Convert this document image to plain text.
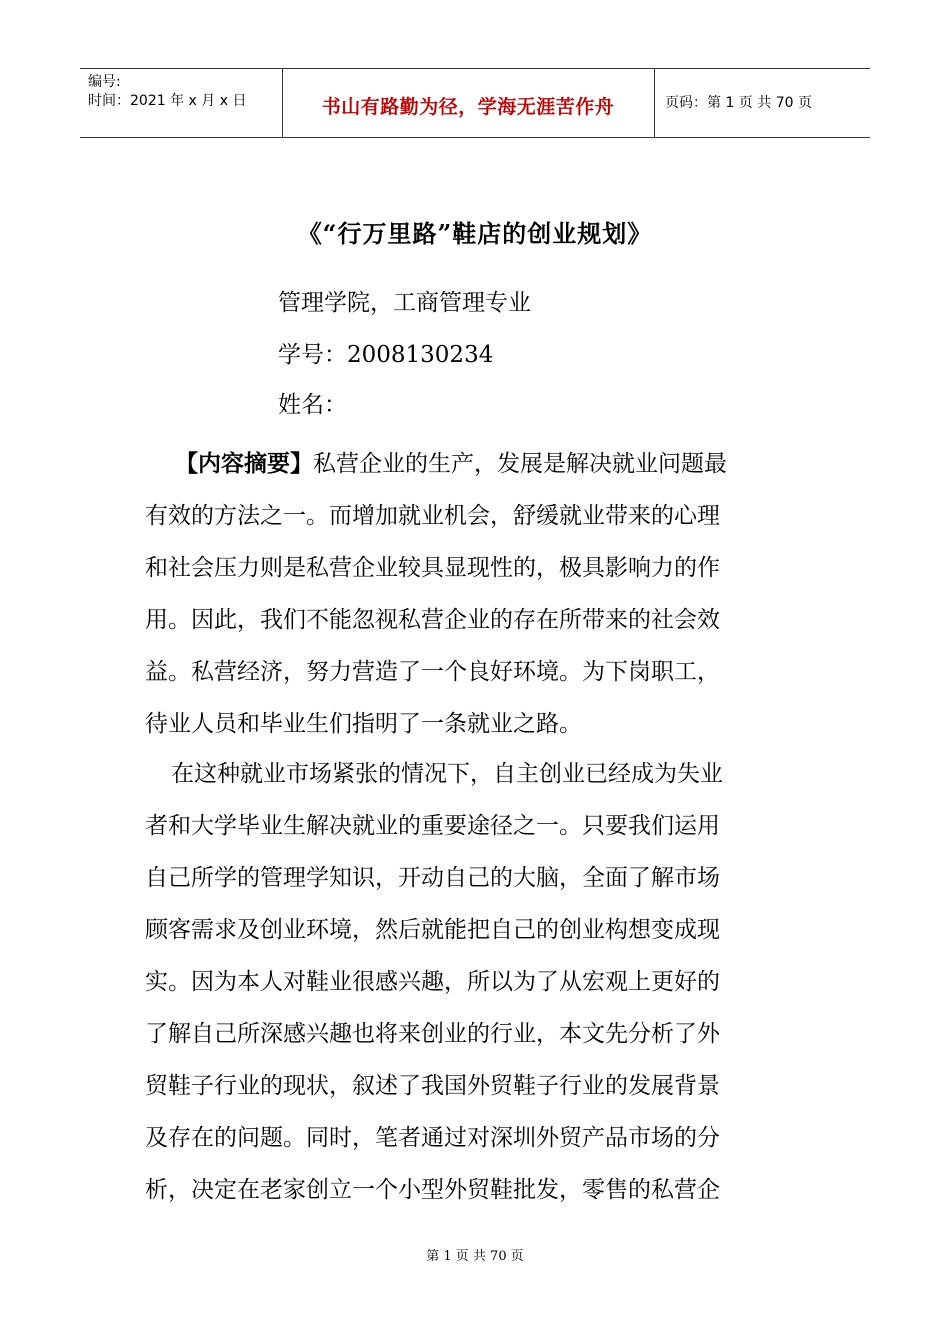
编号:
时间：2021 年 x 月 x 日	书山有路勤为径，学海无涯苦作舟	页码：第 1 页 共 70 页
《“行万里路”鞋店的创业规划》
管理学院，工商管理专业
学号：2008130234
姓名：
【内容摘要】私营企业的生产，发展是解决就业问题最
有效的方法之一。而增加就业机会，舒缓就业带来的心理
和社会压力则是私营企业较具显现性的，极具影响力的作
用。因此，我们不能忽视私营企业的存在所带来的社会效
益。私营经济，努力营造了一个良好环境。为下岗职工，
待业人员和毕业生们指明了一条就业之路。
在这种就业市场紧张的情况下，自主创业已经成为失业
者和大学毕业生解决就业的重要途径之一。只要我们运用
自己所学的管理学知识，开动自己的大脑，全面了解市场
顾客需求及创业环境，然后就能把自己的创业构想变成现
实。因为本人对鞋业很感兴趣，所以为了从宏观上更好的
了解自己所深感兴趣也将来创业的行业，本文先分析了外
贸鞋子行业的现状，叙述了我国外贸鞋子行业的发展背景
及存在的问题。同时，笔者通过对深圳外贸产品市场的分
析，决定在老家创立一个小型外贸鞋批发，零售的私营企
第 1 页 共 70 页
